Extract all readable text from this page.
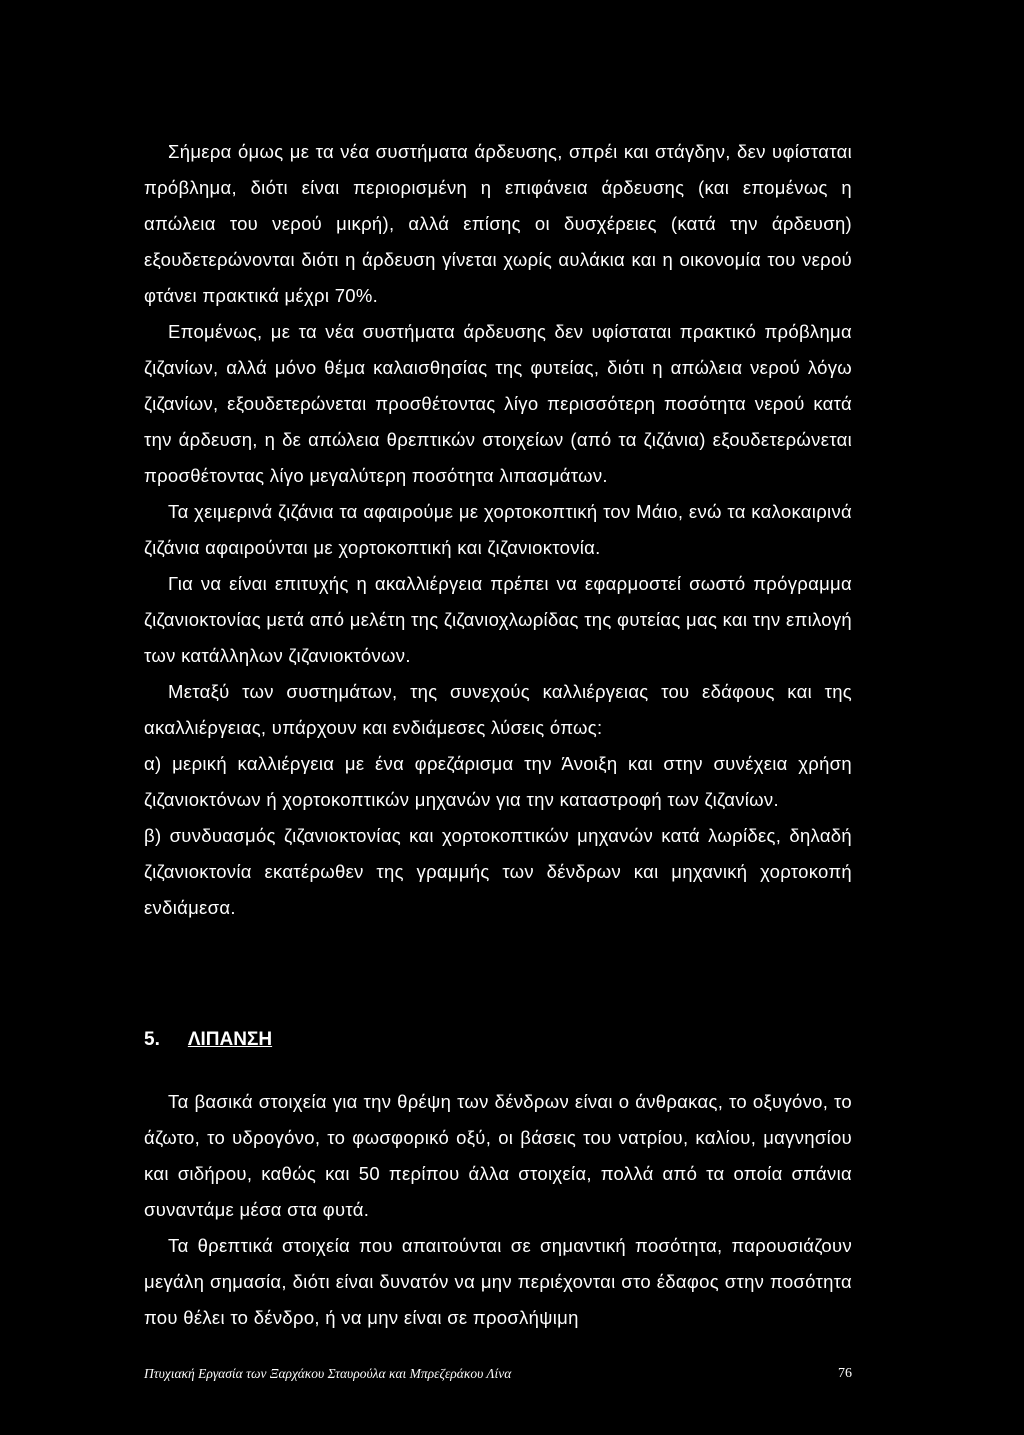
Σήμερα όμως με τα νέα συστήματα άρδευσης, σπρέι και στάγδην, δεν υφίσταται πρόβλημα, διότι είναι περιορισμένη η επιφάνεια άρδευσης (και επομένως η απώλεια του νερού μικρή), αλλά επίσης οι δυσχέρειες (κατά την άρδευση) εξουδετερώνονται διότι η άρδευση γίνεται χωρίς αυλάκια και η οικονομία του νερού φτάνει πρακτικά μέχρι 70%.

Επομένως, με τα νέα συστήματα άρδευσης δεν υφίσταται πρακτικό πρόβλημα ζιζανίων, αλλά μόνο θέμα καλαισθησίας της φυτείας, διότι η απώλεια νερού λόγω ζιζανίων, εξουδετερώνεται προσθέτοντας λίγο περισσότερη ποσότητα νερού κατά την άρδευση, η δε απώλεια θρεπτικών στοιχείων (από τα ζιζάνια) εξουδετερώνεται προσθέτοντας λίγο μεγαλύτερη ποσότητα λιπασμάτων.

Τα χειμερινά ζιζάνια τα αφαιρούμε με χορτοκοπτική τον Μάιο, ενώ τα καλοκαιρινά ζιζάνια αφαιρούνται με χορτοκοπτική και ζιζανιοκτονία.

Για να είναι επιτυχής η ακαλλιέργεια πρέπει να εφαρμοστεί σωστό πρόγραμμα ζιζανιοκτονίας μετά από μελέτη της ζιζανιοχλωρίδας της φυτείας μας και την επιλογή των κατάλληλων ζιζανιοκτόνων.

Μεταξύ των συστημάτων, της συνεχούς καλλιέργειας του εδάφους και της ακαλλιέργειας, υπάρχουν και ενδιάμεσες λύσεις όπως:

α) μερική καλλιέργεια με ένα φρεζάρισμα την Άνοιξη και στην συνέχεια χρήση ζιζανιοκτόνων ή χορτοκοπτικών μηχανών για την καταστροφή των ζιζανίων.

β) συνδυασμός ζιζανιοκτονίας και χορτοκοπτικών μηχανών κατά λωρίδες, δηλαδή ζιζανιοκτονία εκατέρωθεν της γραμμής των δένδρων και μηχανική χορτοκοπή ενδιάμεσα.

5. ΛΙΠΑΝΣΗ

Τα βασικά στοιχεία για την θρέψη των δένδρων είναι ο άνθρακας, το οξυγόνο, το άζωτο, το υδρογόνο, το φωσφορικό οξύ, οι βάσεις του νατρίου, καλίου, μαγνησίου και σιδήρου, καθώς και 50 περίπου άλλα στοιχεία, πολλά από τα οποία σπάνια συναντάμε μέσα στα φυτά.

Τα θρεπτικά στοιχεία που απαιτούνται σε σημαντική ποσότητα, παρουσιάζουν μεγάλη σημασία, διότι είναι δυνατόν να μην περιέχονται στο έδαφος στην ποσότητα που θέλει το δένδρο, ή να μην είναι σε προσλήψιμη

Πτυχιακή Εργασία των Ξαρχάκου Σταυρούλα και Μπρεζεράκου Λίνα	76
